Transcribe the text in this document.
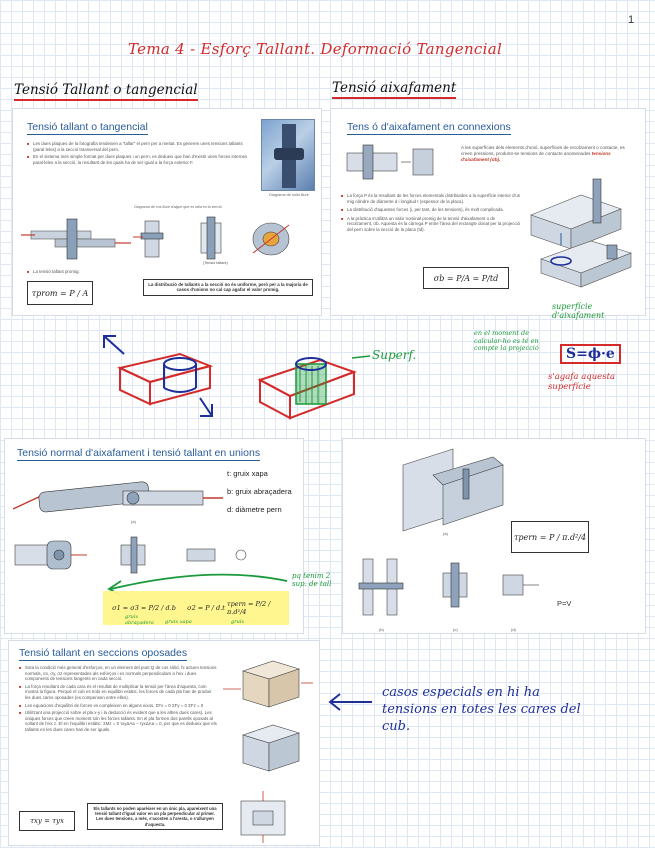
1
Tema 4 - Esforç Tallant. Deformació Tangencial
Tensió Tallant o tangencial	Tensió aixafament
Tensió tallant o tangencial
■ Les dues plaques de la fotografia tendeixen a “tallar” el pern per a meitat. Es generen unes tensions tallants (paral·leles) a la secció transversal del pern.
■ En el sistema més simple format per dues plaques i un pern, es dedueix que han d'existir unes forces internes paral·leles a la secció, la resultant de les quals ha de ser igual a la força exterior F.
Diagrama de sòlid lliure
Diagrama de cos lliure d'algun que es talla en la secció
(Tensió tallant)
■ La tensió tallant promig:
τprom = P / A
La distribució de tallants a la secció no és uniforme, però per a la majoria de casos d'unions no cal cap agafar el valor promig.
Tens ó d'aixafament en connexions
A les superfícies dels elements d'unió, superfícies de recolzament o contacte, es creen pressions, produïnt-se tensions de contacte anomenades tensions d'aixafament (σb).
■ La força P és la resultant de les forces elementals distribuïdes a la superfície interior d'un mig cilindre de diàmetre d i longitud t (espessor de la placa).
■ La distribució d'aquestes forces (i, per tant, de les tensions), és molt complicada.
■ A la pràctica s'utilitza un valor nominal promig de la tensió d'aixafament o de recolzament, σb. Aquesta és la càrrega P entre l'àrea del rectangle donat per la projecció del pern sobre la secció de la placa (td).
σb = P/A = P/td
Superf.
superfície d'aixafament
en el moment de calcular-ho es té en compte la projecció	S=ϕ·e
s'agafa aquesta superfície
Tensió normal d'aixafament i tensió tallant en unions
t: gruix xapa
b: gruix abraçadera
d: diàmetre pern
(a)
σ1 = σ3 = P/2 / d.b	σ2 = P / d.t τpern = P/2 / π.d²/4
gruix abraçadera	gruix xapa	gruix
pq tenim 2 sup. de tall
(a)	τpern = P / π.d²/4
(b)	(c)	(d)
P=V
Tensió tallant en seccions oposades
■ Sota la condició més general d'esforços, en un element del punt Q de cos sòlid, hi actuen tensions normals, σx, σy, σz representades als esforços i es normals perpendiculars a l'eix i dues components de tensions tangents en cada secció.
■ La força resultant de cada cara és el resultat de multiplicar la tensió per l'àrea d'aquesta, com mostra la figura. Perquè el cub es trobi en equilibri estàtic, les forces de cada pla han de produir les dues cares oposades (es compensen entre elles).
■ Les equacions d'equilibri de forces es compleixen en alguns eixos. ΣFx = 0 ΣFy = 0 ΣFz = 0
■ Utilitzant una projecció sobre el pla x-y i la deducció és evident que a les altres dues cares). Les úniques forces que creen moment són les forces tallants. En el pla formen dos parells oposats al voltant de l'eix z. El en l'equilibri estàtic: ΣMz = 0 τxyΔAa − τyxΔAa = 0, per que es dedueix que els tallants en les dues cares han de ser iguals.
τxy = τyx
Els tallants no poden aparèixer en un únic pla, apareixent una tensió tallant d'igual valor en un pla perpendicular al primer. Les dues tensions, a més, s'acosten a l'aresta, o s'allunyen d'aquesta.
casos especials en hi ha tensions en totes les cares del cub.
